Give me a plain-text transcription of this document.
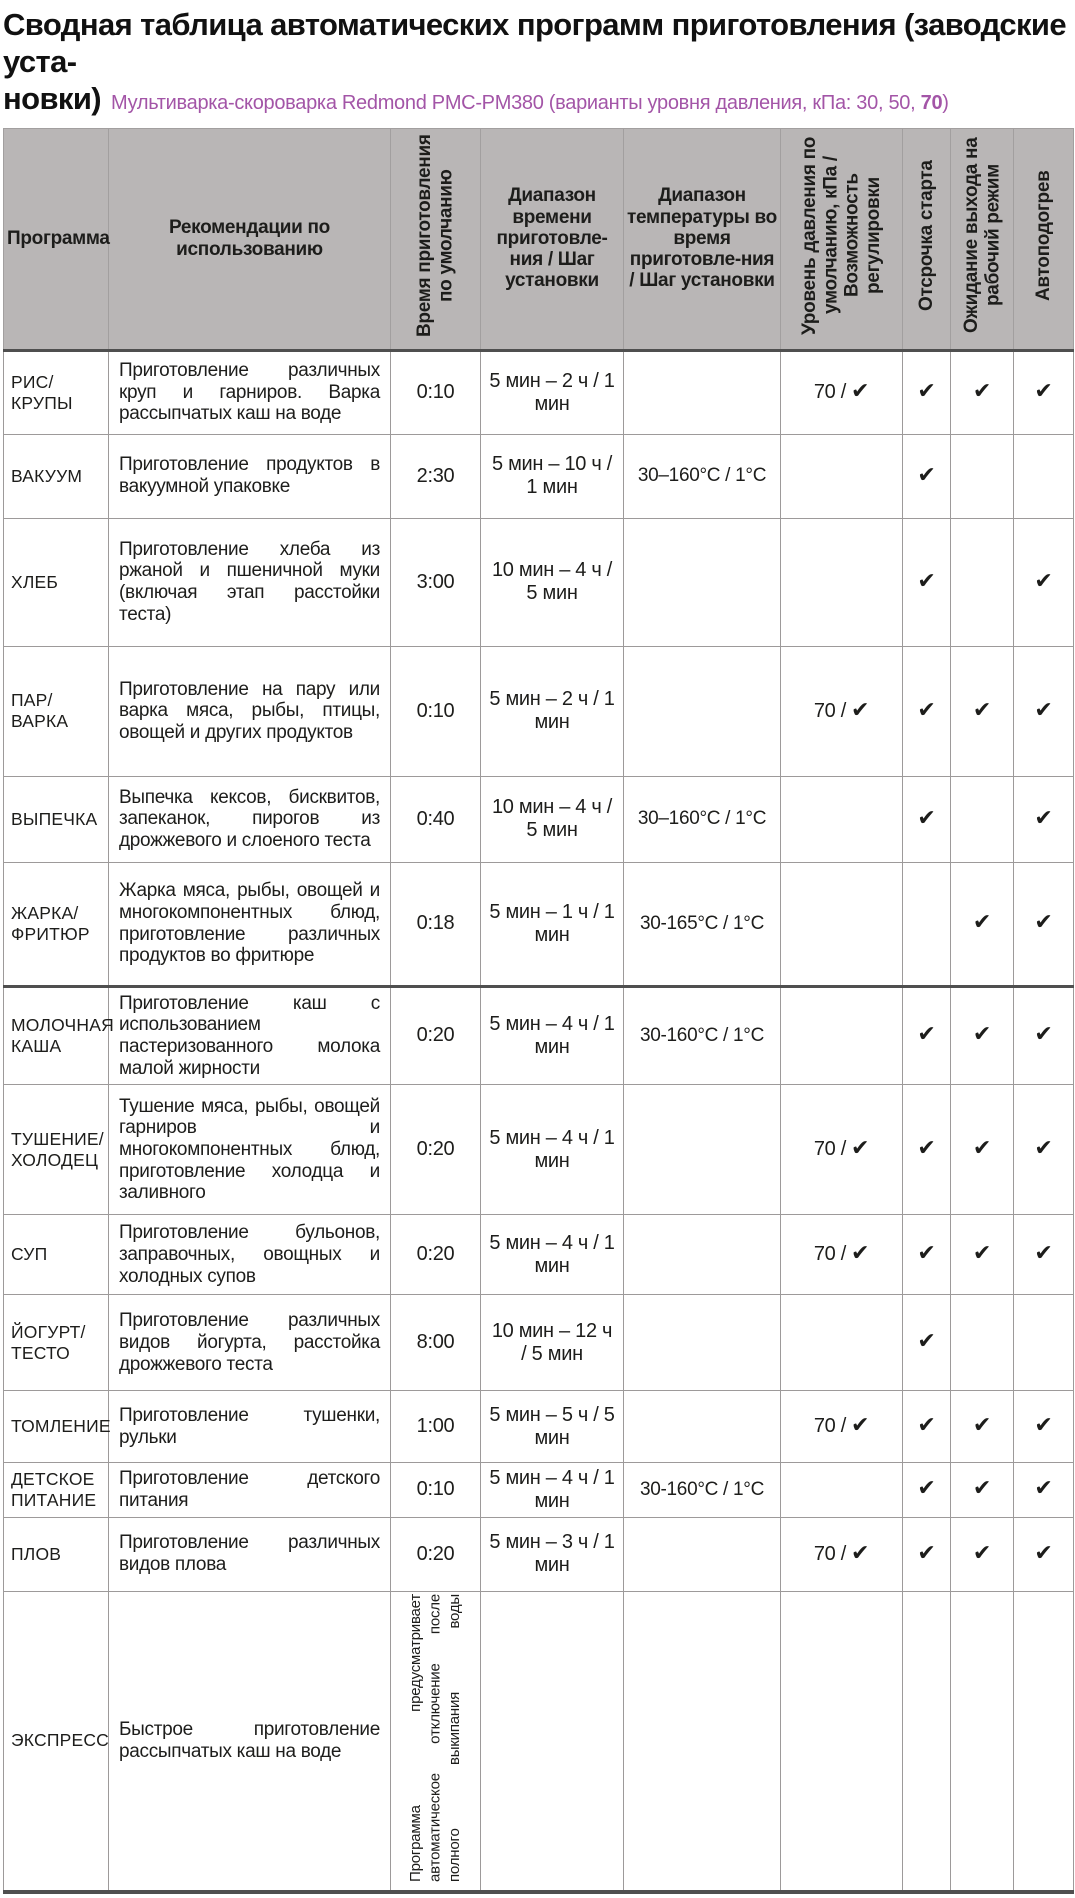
Сводная таблица автоматических программ приготовления (заводские уста-
новки) Мультиварка-скороварка Redmond PMC-PM380 (варианты уровня давления, кПа: 30, 50, 70)
Программа	Рекомендации по использованию	Время приготовления по умолчанию	Диапазон времени приготовле-ния / Шаг установки	Диапазон температуры во время приготовле-ния / Шаг установки	Уровень давления по умолчанию, кПа / Возможность регулировки	Отсрочка старта	Ожидание выхода на рабочий режим	Автоподогрев
РИС/КРУПЫ	Приготовление различных круп и гарниров. Варка рассыпчатых каш на воде	0:10	5 мин – 2 ч / 1 мин		70 / ✔	✔	✔	✔
ВАКУУМ	Приготовление продуктов в вакуумной упаковке	2:30	5 мин – 10 ч / 1 мин	30–160°C / 1°C		✔		
ХЛЕБ	Приготовление хлеба из ржаной и пшеничной муки (включая этап расстойки теста)	3:00	10 мин – 4 ч / 5 мин			✔		✔
ПАР/ВАРКА	Приготовление на пару или варка мяса, рыбы, птицы, овощей и других продуктов	0:10	5 мин – 2 ч / 1 мин		70 / ✔	✔	✔	✔
ВЫПЕЧКА	Выпечка кексов, бисквитов, запеканок, пирогов из дрожжевого и слоеного теста	0:40	10 мин – 4 ч / 5 мин	30–160°C / 1°C		✔		✔
ЖАРКА/ ФРИТЮР	Жарка мяса, рыбы, овощей и многокомпонентных блюд, приготовление различных продуктов во фритюре	0:18	5 мин – 1 ч / 1 мин	30-165°C / 1°C			✔	✔
МОЛОЧНАЯ КАША	Приготовление каш с использованием пастеризованного молока малой жирности	0:20	5 мин – 4 ч / 1 мин	30-160°C / 1°C		✔	✔	✔
ТУШЕНИЕ/ ХОЛОДЕЦ	Тушение мяса, рыбы, овощей гарниров и многокомпонентных блюд, приготовление холодца и заливного	0:20	5 мин – 4 ч / 1 мин		70 / ✔	✔	✔	✔
СУП	Приготовление бульонов, заправочных, овощных и холодных супов	0:20	5 мин – 4 ч / 1 мин		70 / ✔	✔	✔	✔
ЙОГУРТ/ ТЕСТО	Приготовление различных видов йогурта, расстойка дрожжевого теста	8:00	10 мин – 12 ч / 5 мин			✔		
ТОМЛЕНИЕ	Приготовление тушенки, рульки	1:00	5 мин – 5 ч / 5 мин		70 / ✔	✔	✔	✔
ДЕТСКОЕ ПИТАНИЕ	Приготовление детского питания	0:10	5 мин – 4 ч / 1 мин	30-160°C / 1°C		✔	✔	✔
ПЛОВ	Приготовление различных видов плова	0:20	5 мин – 3 ч / 1 мин		70 / ✔	✔	✔	✔
ЭКСПРЕСС	Быстрое приготовление рассыпчатых каш на воде	Программа предусматривает автоматическое отключение после полного выкипания воды						
